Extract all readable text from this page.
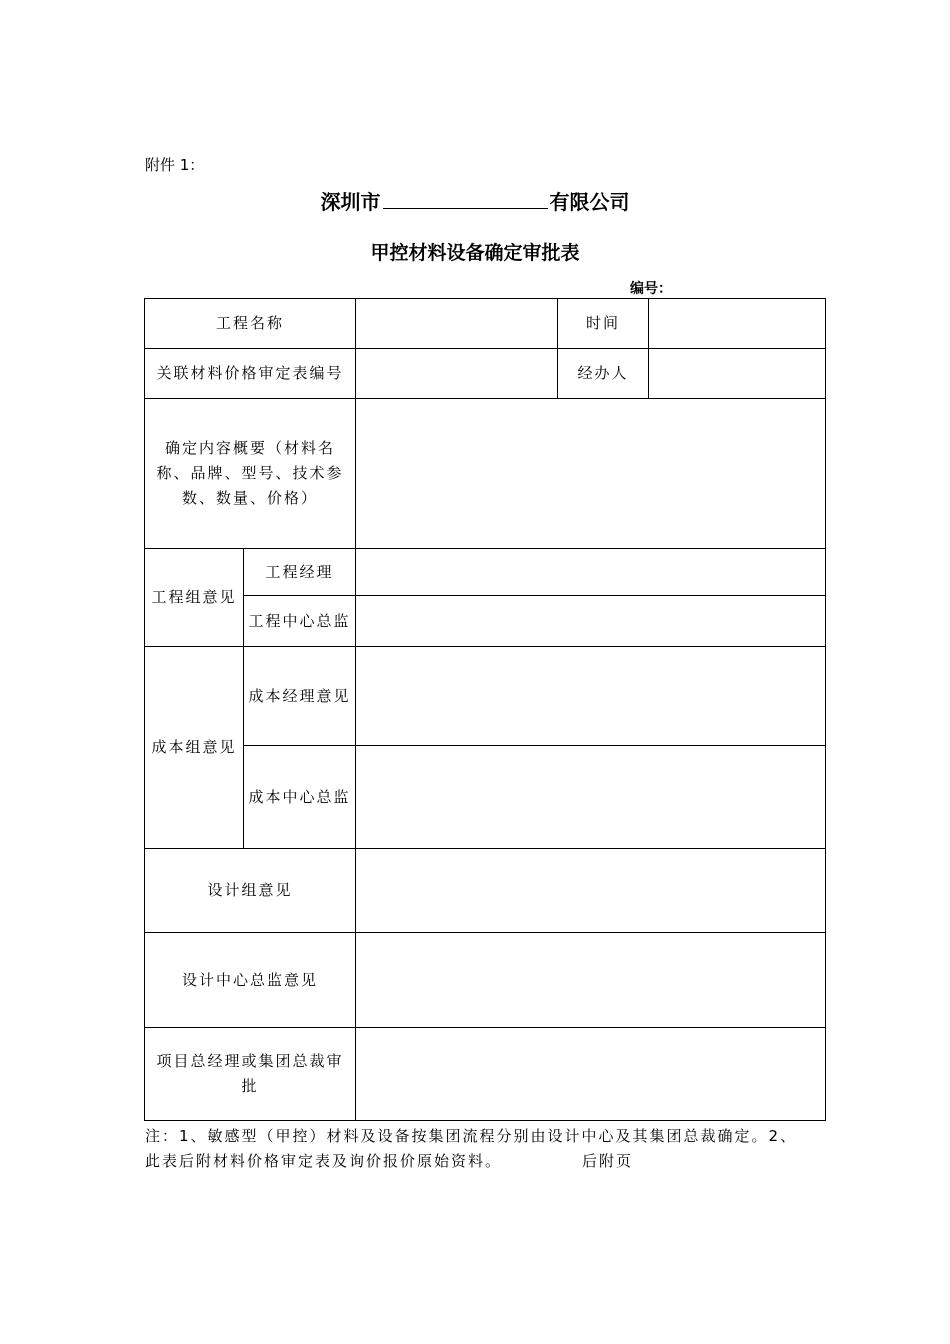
附件 1：
深圳市	有限公司
甲控材料设备确定审批表
编号：
工程名称			时间	
关联材料价格审定表编号			经办人	
确定内容概要（材料名称、品牌、型号、技术参数、数量、价格）				
工程组意见	工程经理			
	工程中心总监			
成本组意见	成本经理意见			
	成本中心总监			
设计组意见				
设计中心总监意见				
项目总经理或集团总裁审批				
注：1、敏感型（甲控）材料及设备按集团流程分别由设计中心及其集团总裁确定。2、此表后附材料价格审定表及询价报价原始资料。	后附页
